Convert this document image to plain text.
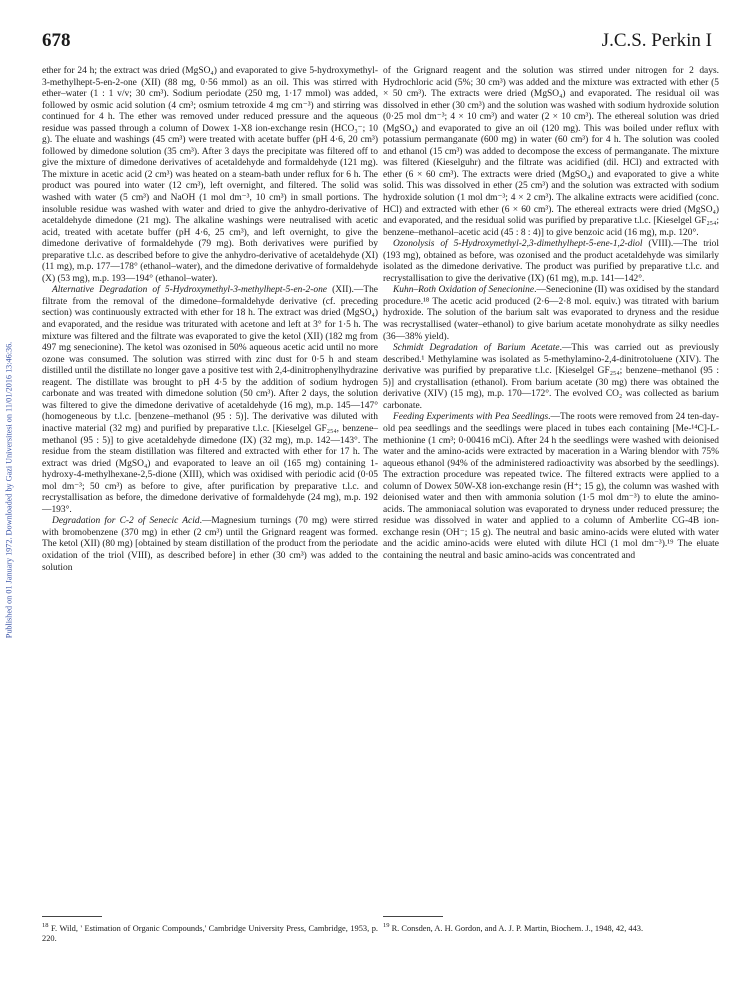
678	J.C.S. Perkin I
Published on 01 January 1972. Downloaded by Gazi Universitesi on 11/01/2016 13:46:36.

ether for 24 h; the extract was dried (MgSO₄) and evaporated to give 5-hydroxymethyl-3-methylhept-5-en-2-one (XII) (88 mg, 0·56 mmol) as an oil. This was stirred with ether–water (1 : 1 v/v; 30 cm³). Sodium periodate (250 mg, 1·17 mmol) was added, followed by osmic acid solution (4 cm³; osmium tetroxide 4 mg cm⁻³) and stirring was continued for 4 h. The ether was removed under reduced pressure and the aqueous residue was passed through a column of Dowex 1-X8 ion-exchange resin (HCO₃⁻; 10 g). The eluate and washings (45 cm³) were treated with acetate buffer (pH 4·6, 20 cm³) followed by dimedone solution (35 cm³). After 3 days the precipitate was filtered off to give the mixture of dimedone derivatives of acetaldehyde and formaldehyde (121 mg). The mixture in acetic acid (2 cm³) was heated on a steam-bath under reflux for 6 h. The product was poured into water (12 cm³), left overnight, and filtered. The solid was washed with water (5 cm³) and NaOH (1 mol dm⁻³, 10 cm³) in small portions. The insoluble residue was washed with water and dried to give the anhydro-derivative of acetaldehyde dimedone (21 mg). The alkaline washings were neutralised with acetic acid, treated with acetate buffer (pH 4·6, 25 cm³), and left overnight, to give the dimedone derivative of formaldehyde (79 mg). Both derivatives were purified by preparative t.l.c. as described before to give the anhydro-derivative of acetaldehyde (XI) (11 mg), m.p. 177—178° (ethanol–water), and the dimedone derivative of formaldehyde (X) (53 mg), m.p. 193—194° (ethanol–water).

Alternative Degradation of 5-Hydroxymethyl-3-methylhept-5-en-2-one (XII).—The filtrate from the removal of the dimedone–formaldehyde derivative (cf. preceding section) was continuously extracted with ether for 18 h. The extract was dried (MgSO₄) and evaporated, and the residue was triturated with acetone and left at 3° for 1·5 h. The mixture was filtered and the filtrate was evaporated to give the ketol (XII) (182 mg from 497 mg senecionine). The ketol was ozonised in 50% aqueous acetic acid until no more ozone was consumed. The solution was stirred with zinc dust for 0·5 h and steam distilled until the distillate no longer gave a positive test with 2,4-dinitrophenylhydrazine reagent. The distillate was brought to pH 4·5 by the addition of sodium hydrogen carbonate and was treated with dimedone solution (50 cm³). After 2 days, the solution was filtered to give the dimedone derivative of acetaldehyde (16 mg), m.p. 145—147° (homogeneous by t.l.c. [benzene–methanol (95 : 5)]. The derivative was diluted with inactive material (32 mg) and purified by preparative t.l.c. [Kieselgel GF₂₅₄, benzene–methanol (95 : 5)] to give acetaldehyde dimedone (IX) (32 mg), m.p. 142—143°. The residue from the steam distillation was filtered and extracted with ether for 17 h. The extract was dried (MgSO₄) and evaporated to leave an oil (165 mg) containing 1-hydroxy-4-methylhexane-2,5-dione (XIII), which was oxidised with periodic acid (0·05 mol dm⁻³; 50 cm³) as before to give, after purification by preparative t.l.c. and recrystallisation as before, the dimedone derivative of formaldehyde (24 mg), m.p. 192—193°.

Degradation for C-2 of Senecic Acid.—Magnesium turnings (70 mg) were stirred with bromobenzene (370 mg) in ether (2 cm³) until the Grignard reagent was formed. The ketol (XII) (80 mg) [obtained by steam distillation of the product from the periodate oxidation of the triol (VIII), as described before] in ether (30 cm³) was added to the solution

of the Grignard reagent and the solution was stirred under nitrogen for 2 days. Hydrochloric acid (5%; 30 cm³) was added and the mixture was extracted with ether (5 × 50 cm³). The extracts were dried (MgSO₄) and evaporated. The residual oil was dissolved in ether (30 cm³) and the solution was washed with sodium hydroxide solution (0·25 mol dm⁻³; 4 × 10 cm³) and water (2 × 10 cm³). The ethereal solution was dried (MgSO₄) and evaporated to give an oil (120 mg). This was boiled under reflux with potassium permanganate (600 mg) in water (60 cm³) for 4 h. The solution was cooled and ethanol (15 cm³) was added to decompose the excess of permanganate. The mixture was filtered (Kieselguhr) and the filtrate was acidified (dil. HCl) and extracted with ether (6 × 60 cm³). The extracts were dried (MgSO₄) and evaporated to give a white solid. This was dissolved in ether (25 cm³) and the solution was extracted with sodium hydroxide solution (1 mol dm⁻³; 4 × 2 cm³). The alkaline extracts were acidified (conc. HCl) and extracted with ether (6 × 60 cm³). The ethereal extracts were dried (MgSO₄) and evaporated, and the residual solid was purified by preparative t.l.c. [Kieselgel GF₂₅₄; benzene–methanol–acetic acid (45 : 8 : 4)] to give benzoic acid (16 mg), m.p. 120°.

Ozonolysis of 5-Hydroxymethyl-2,3-dimethylhept-5-ene-1,2-diol (VIII).—The triol (193 mg), obtained as before, was ozonised and the product acetaldehyde was similarly isolated as the dimedone derivative. The product was purified by preparative t.l.c. and recrystallisation to give the derivative (IX) (61 mg), m.p. 141—142°.

Kuhn–Roth Oxidation of Senecionine.—Senecionine (II) was oxidised by the standard procedure.¹⁸ The acetic acid produced (2·6—2·8 mol. equiv.) was titrated with barium hydroxide. The solution of the barium salt was evaporated to dryness and the residue was recrystallised (water–ethanol) to give barium acetate monohydrate as silky needles (36—38% yield).

Schmidt Degradation of Barium Acetate.—This was carried out as previously described.¹ Methylamine was isolated as 5-methylamino-2,4-dinitrotoluene (XIV). The derivative was purified by preparative t.l.c. [Kieselgel GF₂₅₄; benzene–methanol (95 : 5)] and crystallisation (ethanol). From barium acetate (30 mg) there was obtained the derivative (XIV) (15 mg), m.p. 170—172°. The evolved CO₂ was collected as barium carbonate.

Feeding Experiments with Pea Seedlings.—The roots were removed from 24 ten-day-old pea seedlings and the seedlings were placed in tubes each containing [Me-¹⁴C]-L-methionine (1 cm³; 0·00416 mCi). After 24 h the seedlings were washed with deionised water and the amino-acids were extracted by maceration in a Waring blendor with 75% aqueous ethanol (94% of the administered radioactivity was absorbed by the seedlings). The extraction procedure was repeated twice. The filtered extracts were applied to a column of Dowex 50W-X8 ion-exchange resin (H⁺; 15 g), the column was washed with deionised water and then with ammonia solution (1·5 mol dm⁻³) to elute the amino-acids. The ammoniacal solution was evaporated to dryness under reduced pressure; the residue was dissolved in water and applied to a column of Amberlite CG-4B ion-exchange resin (OH⁻; 15 g). The neutral and basic amino-acids were eluted with water and the acidic amino-acids were eluted with dilute HCl (1 mol dm⁻³).¹⁹ The eluate containing the neutral and basic amino-acids was concentrated and

$^{18}$ F. Wild, ' Estimation of Organic Compounds,' Cambridge University Press, Cambridge, 1953, p. 220.
$^{19}$ R. Consden, A. H. Gordon, and A. J. P. Martin, Biochem. J., 1948, 42, 443.
